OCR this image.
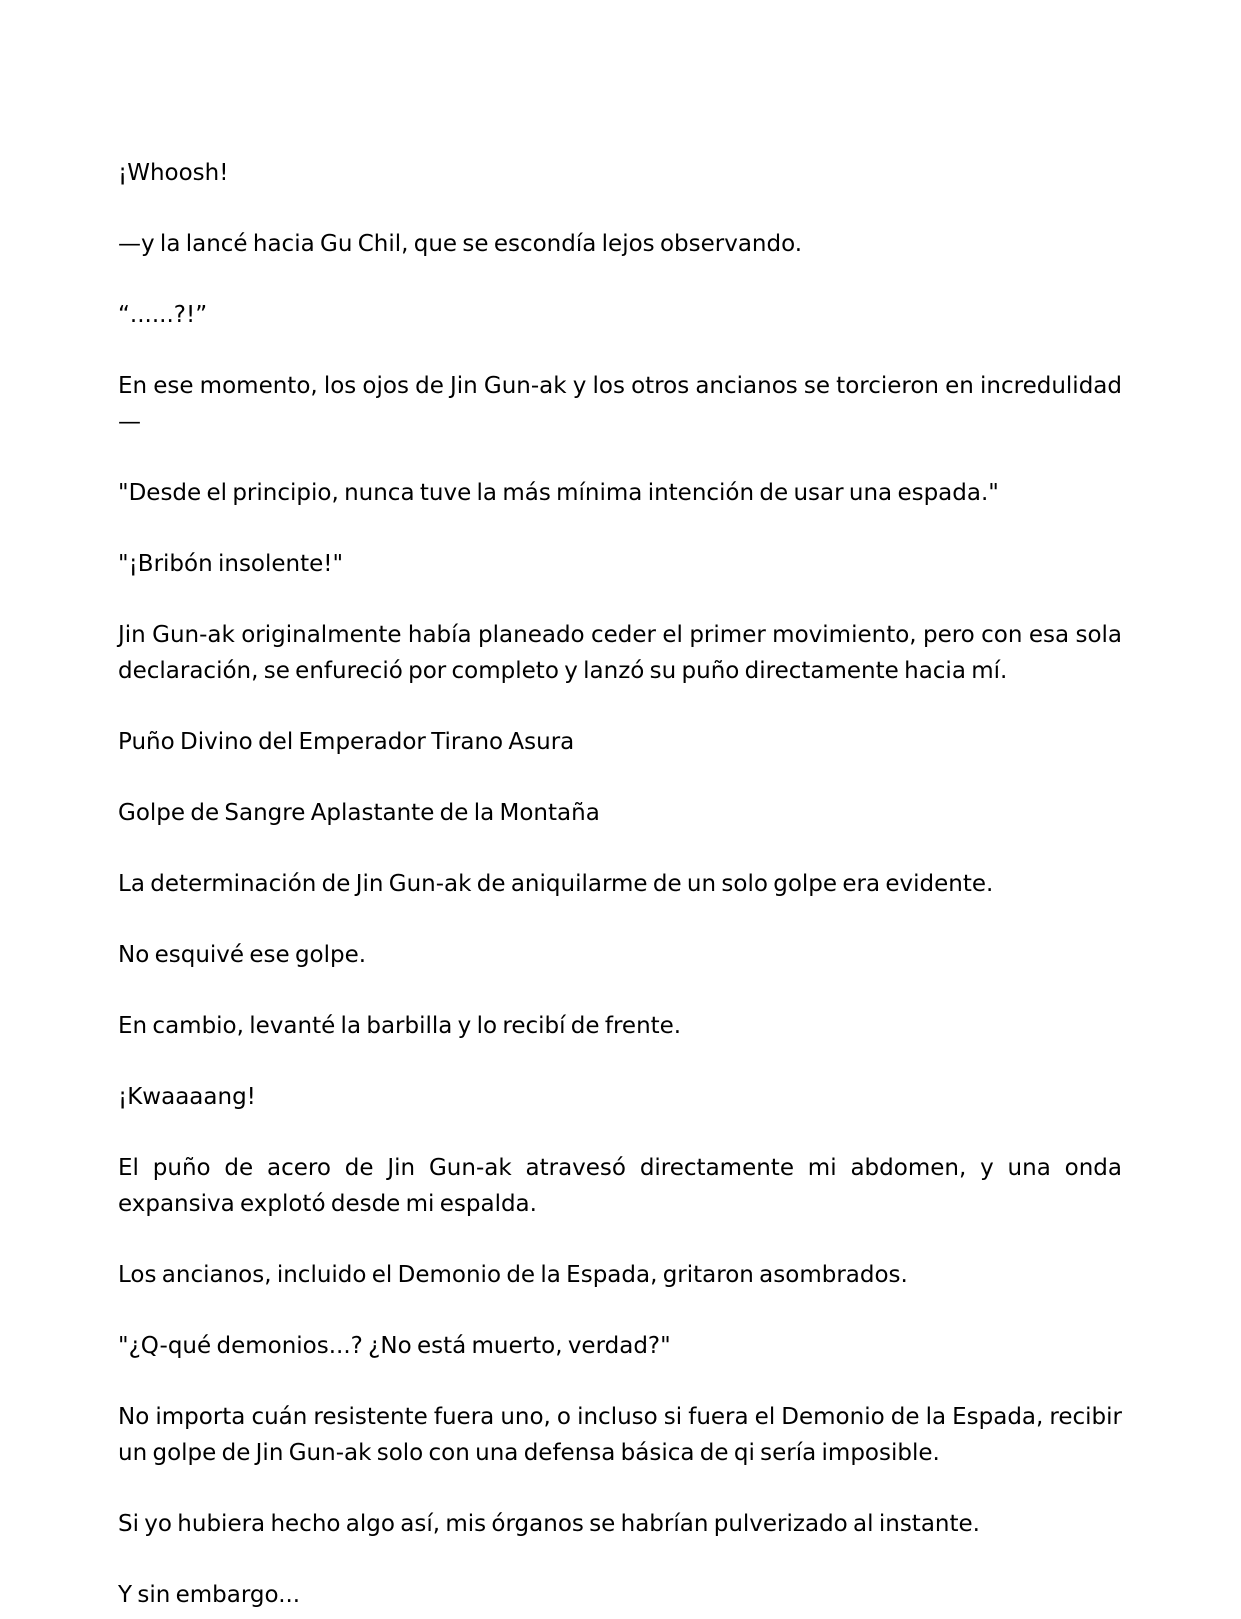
¡Whoosh!

—y la lancé hacia Gu Chil, que se escondía lejos observando.

“......?!”

En ese momento, los ojos de Jin Gun-ak y los otros ancianos se torcieron en incredulidad—

"Desde el principio, nunca tuve la más mínima intención de usar una espada."

"¡Bribón insolente!"

Jin Gun-ak originalmente había planeado ceder el primer movimiento, pero con esa sola declaración, se enfureció por completo y lanzó su puño directamente hacia mí.

Puño Divino del Emperador Tirano Asura

Golpe de Sangre Aplastante de la Montaña

La determinación de Jin Gun-ak de aniquilarme de un solo golpe era evidente.

No esquivé ese golpe.

En cambio, levanté la barbilla y lo recibí de frente.

¡Kwaaaang!

El puño de acero de Jin Gun-ak atravesó directamente mi abdomen, y una onda expansiva explotó desde mi espalda.

Los ancianos, incluido el Demonio de la Espada, gritaron asombrados.

"¿Q-qué demonios...? ¿No está muerto, verdad?"

No importa cuán resistente fuera uno, o incluso si fuera el Demonio de la Espada, recibir un golpe de Jin Gun-ak solo con una defensa básica de qi sería imposible.

Si yo hubiera hecho algo así, mis órganos se habrían pulverizado al instante.

Y sin embargo...
